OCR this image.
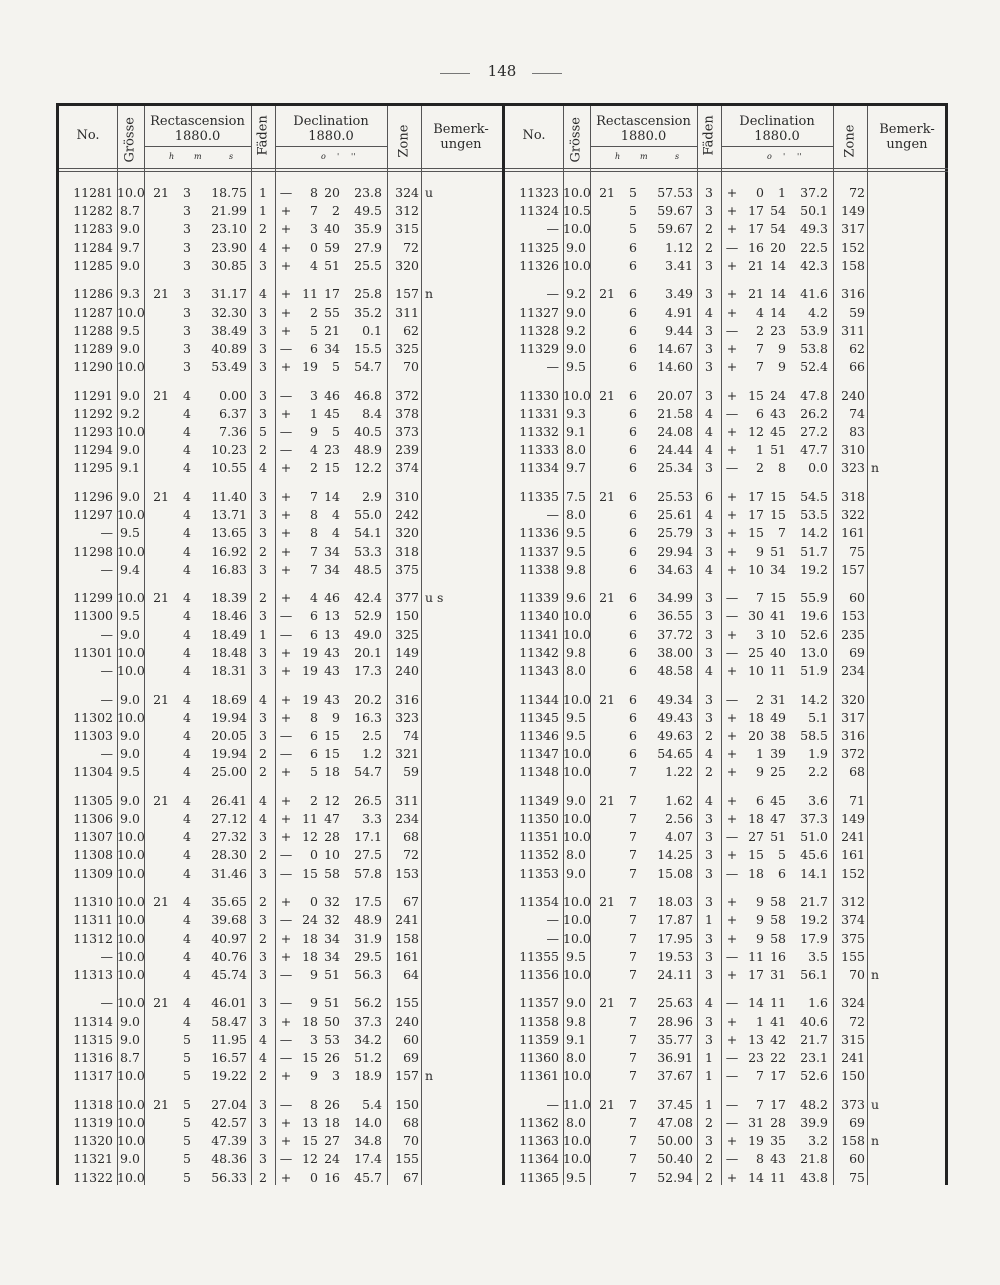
148
No.	Grösse Rectascension
1880.0
h m	s
Fäden	Declination
1880.0
o ' ''	Zone	Bemerk-
ungen
11281 10.0 21	3	18.75 1	—	8 20	23.8	324 u
11282 8.7	3	21.99 1	+	7	2	49.5	312
11283 9.0	3	23.10 2	+	3 40	35.9	315
11284 9.7	3	23.90 4	+	0 59	27.9	72
11285 9.0	3	30.85 3	+	4 51	25.5	320
11286 9.3	21	3	31.17 4	+ 11 17	25.8	157 n
11287 10.0	3	32.30 3	+	2 55	35.2	311
11288 9.5	3	38.49 3	+	5 21	0.1	62
11289 9.0	3	40.89 3	—	6 34	15.5	325
11290 10.0	3	53.49 3	+ 19	5	54.7	70
11291 9.0	21	4	0.00 3	—	3 46	46.8	372
11292 9.2	4	6.37 3	+	1 45	8.4	378
11293 10.0	4	7.36 5	—	9	5	40.5	373
11294 9.0	4	10.23 2	—	4 23	48.9	239
11295 9.1	4	10.55 4	+	2 15	12.2	374
11296 9.0	21	4	11.40 3	+	7 14	2.9	310
11297 10.0	4	13.71 3	+	8	4	55.0	242
— 9.5	4	13.65 3	+	8	4	54.1	320
11298 10.0	4	16.92 2	+	7 34	53.3	318
— 9.4	4	16.83 3	+	7 34	48.5	375
11299 10.0 21	4	18.39 2	+	4 46	42.4	377 u s
11300 9.5	4	18.46 3	—	6 13	52.9	150
— 9.0	4	18.49 1	—	6 13	49.0	325
11301 10.0	4	18.48 3	+ 19 43	20.1	149
— 10.0	4	18.31 3	+ 19 43	17.3	240
— 9.0	21	4	18.69 4	+ 19 43	20.2	316
11302 10.0	4	19.94 3	+	8	9	16.3	323
11303 9.0	4	20.05 3	—	6 15	2.5	74
— 9.0	4	19.94 2	—	6 15	1.2	321
11304 9.5	4	25.00 2	+	5 18	54.7	59
11305 9.0	21	4	26.41 4	+	2 12	26.5	311
11306 9.0	4	27.12 4	+ 11 47	3.3	234
11307 10.0	4	27.32 3	+ 12 28	17.1	68
11308 10.0	4	28.30 2	—	0 10	27.5	72
11309 10.0	4	31.46 3	— 15 58	57.8	153
11310 10.0 21	4	35.65 2	+	0 32	17.5	67
11311 10.0	4	39.68 3	— 24 32	48.9	241
11312 10.0	4	40.97 2	+ 18 34	31.9	158
— 10.0	4	40.76 3	+ 18 34	29.5	161
11313 10.0	4	45.74 3	—	9 51	56.3	64
— 10.0 21	4	46.01 3	—	9 51	56.2	155
11314 9.0	4	58.47 3	+ 18 50	37.3	240
11315 9.0	5	11.95 4	—	3 53	34.2	60
11316 8.7	5	16.57 4	— 15 26	51.2	69
11317 10.0	5	19.22 2	+	9	3	18.9	157 n
11318 10.0 21	5	27.04 3	—	8 26	5.4	150
11319 10.0	5	42.57 3	+ 13 18	14.0	68
11320 10.0	5	47.39 3	+ 15 27	34.8	70
11321 9.0	5	48.36 3	— 12 24	17.4	155
11322 10.0	5	56.33 2	+	0 16	45.7	67
No.	Grösse Rectascension
1880.0
h m	s
Fäden	Declination
1880.0
o ' ''	Zone	Bemerk-
ungen
11323 10.0 21	5	57.53 3	+	0	1	37.2	72
11324 10.5	5	59.67 3	+ 17 54	50.1	149
— 10.0	5	59.67 2	+ 17 54	49.3	317
11325 9.0	6	1.12 2	— 16 20	22.5	152
11326 10.0	6	3.41 3	+ 21 14	42.3	158
— 9.2	21	6	3.49 3	+ 21 14	41.6	316
11327 9.0	6	4.91 4	+	4 14	4.2	59
11328 9.2	6	9.44 3	—	2 23	53.9	311
11329 9.0	6	14.67 3	+	7	9	53.8	62
— 9.5	6	14.60 3	+	7	9	52.4	66
11330 10.0 21	6	20.07 3	+ 15 24	47.8	240
11331 9.3	6	21.58 4	—	6 43	26.2	74
11332 9.1	6	24.08 4	+ 12 45	27.2	83
11333 8.0	6	24.44 4	+	1 51	47.7	310
11334 9.7	6	25.34 3	—	2	8	0.0	323 n
11335 7.5	21	6	25.53 6	+ 17 15	54.5	318
— 8.0	6	25.61 4	+ 17 15	53.5	322
11336 9.5	6	25.79 3	+ 15	7	14.2	161
11337 9.5	6	29.94 3	+	9 51	51.7	75
11338 9.8	6	34.63 4	+ 10 34	19.2	157
11339 9.6	21	6	34.99 3	—	7 15	55.9	60
11340 10.0	6	36.55 3	— 30 41	19.6	153
11341 10.0	6	37.72 3	+	3 10	52.6	235
11342 9.8	6	38.00 3	— 25 40	13.0	69
11343 8.0	6	48.58 4	+ 10 11	51.9	234
11344 10.0 21	6	49.34 3	—	2 31	14.2	320
11345 9.5	6	49.43 3	+ 18 49	5.1	317
11346 9.5	6	49.63 2	+ 20 38	58.5	316
11347 10.0	6	54.65 4	+	1 39	1.9	372
11348 10.0	7	1.22 2	+	9 25	2.2	68
11349 9.0	21	7	1.62 4	+	6 45	3.6	71
11350 10.0	7	2.56 3	+ 18 47	37.3	149
11351 10.0	7	4.07 3	— 27 51	51.0	241
11352 8.0	7	14.25 3	+ 15	5	45.6	161
11353 9.0	7	15.08 3	— 18	6	14.1	152
11354 10.0 21	7	18.03 3	+	9 58	21.7	312
— 10.0	7	17.87 1	+	9 58	19.2	374
— 10.0	7	17.95 3	+	9 58	17.9	375
11355 9.5	7	19.53 3	— 11 16	3.5	155
11356 10.0	7	24.11 3	+ 17 31	56.1	70 n
11357 9.0	21	7	25.63 4	— 14 11	1.6	324
11358 9.8	7	28.96 3	+	1 41	40.6	72
11359 9.1	7	35.77 3	+ 13 42	21.7	315
11360 8.0	7	36.91 1	— 23 22	23.1	241
11361 10.0	7	37.67 1	—	7 17	52.6	150
— 11.0 21	7	37.45 1	—	7 17	48.2	373 u
11362 8.0	7	47.08 2	— 31 28	39.9	69
11363 10.0	7	50.00 3	+ 19 35	3.2	158 n
11364 10.0	7	50.40 2	—	8 43	21.8	60
11365 9.5	7	52.94 2	+ 14 11	43.8	75
